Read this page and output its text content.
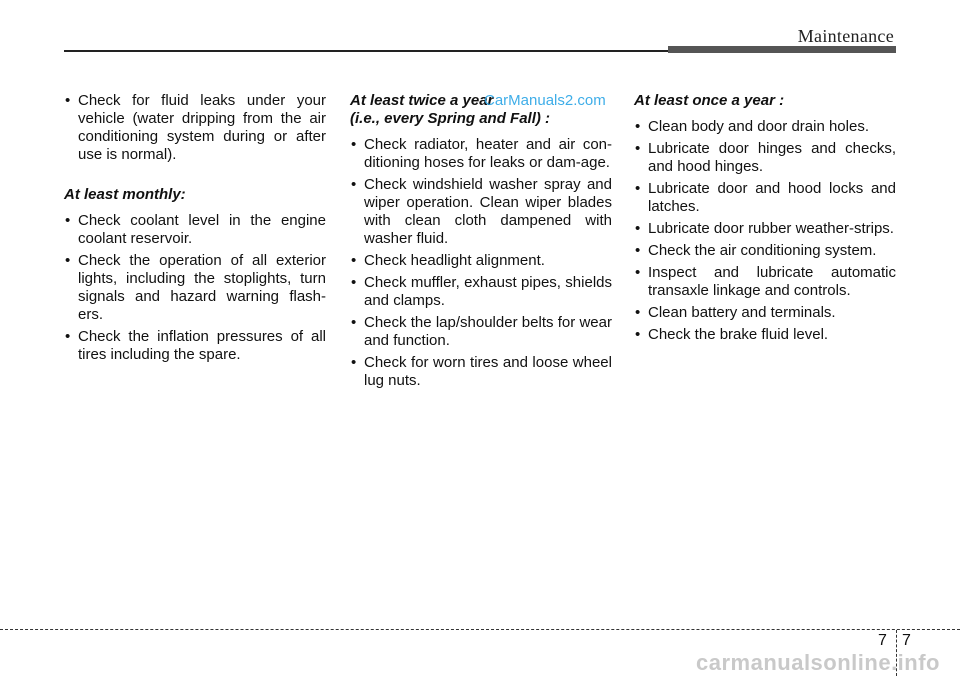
Maintenance
• Check for fluid leaks under your vehicle (water dripping from the air conditioning system during or after use is normal).
At least monthly:
• Check coolant level in the engine coolant reservoir.
• Check the operation of all exterior lights, including the stoplights, turn signals and hazard warning flash-ers.
• Check the inflation pressures of all tires including the spare.
At least twice a year
(i.e., every Spring and Fall) :
• Check radiator, heater and air con-ditioning hoses for leaks or dam-age.
• Check windshield washer spray and wiper operation. Clean wiper blades with clean cloth dampened with washer fluid.
• Check headlight alignment.
• Check muffler, exhaust pipes, shields and clamps.
• Check the lap/shoulder belts for wear and function.
• Check for worn tires and loose wheel lug nuts.
CarManuals2.com At least once a year :
• Clean body and door drain holes.
• Lubricate door hinges and checks, and hood hinges.
• Lubricate door and hood locks and latches.
• Lubricate door rubber weather-strips.
• Check the air conditioning system.
• Inspect and lubricate automatic transaxle linkage and controls.
• Clean battery and terminals.
• Check the brake fluid level.
7 7
carmanualsonline.info
